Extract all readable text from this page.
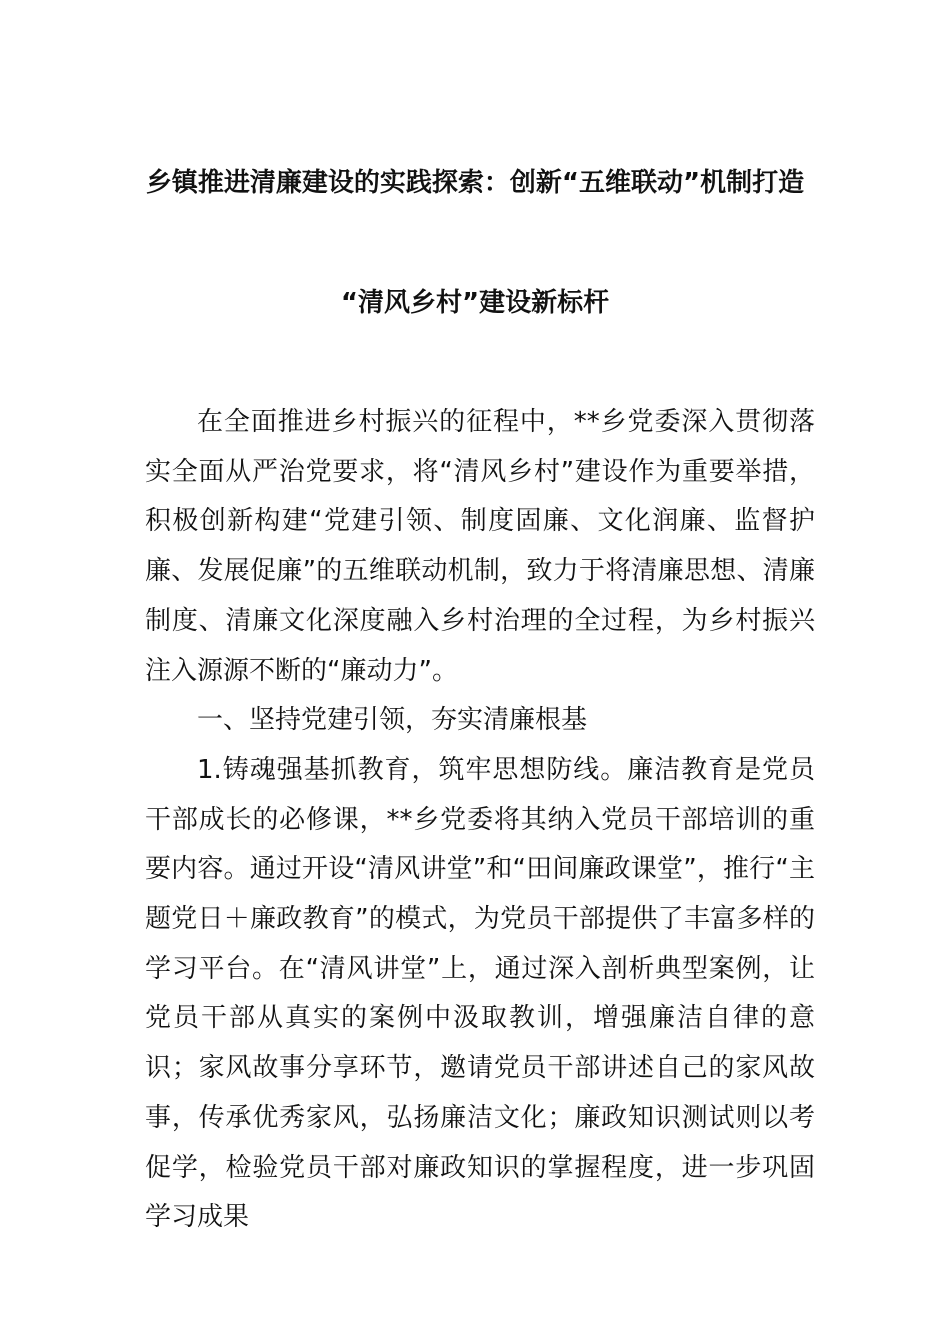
乡镇推进清廉建设的实践探索：创新“五维联动”机制打造
“清风乡村”建设新标杆

在全面推进乡村振兴的征程中，**乡党委深入贯彻落实全面从严治党要求，将“清风乡村”建设作为重要举措，积极创新构建“党建引领、制度固廉、文化润廉、监督护廉、发展促廉”的五维联动机制，致力于将清廉思想、清廉制度、清廉文化深度融入乡村治理的全过程，为乡村振兴注入源源不断的“廉动力”。

一、坚持党建引领，夯实清廉根基

1.铸魂强基抓教育，筑牢思想防线。廉洁教育是党员干部成长的必修课，**乡党委将其纳入党员干部培训的重要内容。通过开设“清风讲堂”和“田间廉政课堂”，推行“主题党日＋廉政教育”的模式，为党员干部提供了丰富多样的学习平台。在“清风讲堂”上，通过深入剖析典型案例，让党员干部从真实的案例中汲取教训，增强廉洁自律的意识；家风故事分享环节，邀请党员干部讲述自己的家风故事，传承优秀家风，弘扬廉洁文化；廉政知识测试则以考促学，检验党员干部对廉政知识的掌握程度，进一步巩固学习成果
